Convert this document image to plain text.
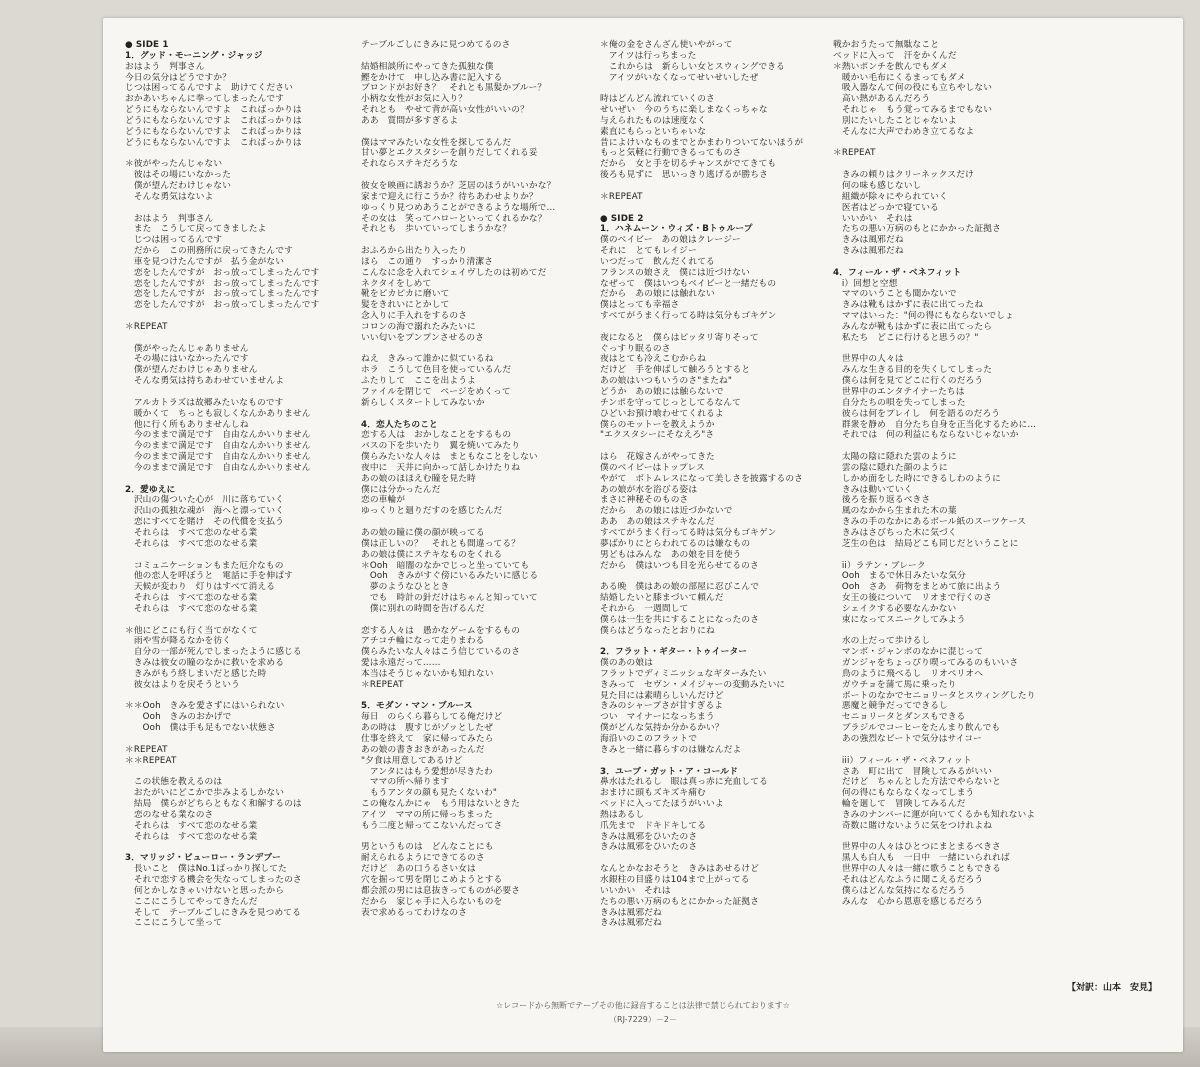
● SIDE 1
1．グッド・モーニング・ジャッジ
おはよう　判事さん
今日の気分はどうですか？
じつは困ってるんですよ　助けてください
おかあいちゃんに拳ってしまったんです
どうにもならないんですよ　こればっかりは
どうにもならないんですよ　こればっかりは
どうにもならないんですよ　こればっかりは
どうにもならないんですよ　こればっかりは
＊彼がやったんじゃない
　彼はその場にいなかった
　僕が望んだわけじゃない
　そんな勇気はないよ
　おはよう　判事さん
　また　こうして戻ってきましたよ
　じつは困ってるんです
　だから　この刑務所に戻ってきたんです
　車を見つけたんですが　払う金がない
　恋をしたんですが　おっ放ってしまったんです
　恋をしたんですが　おっ放ってしまったんです
　恋をしたんですが　おっ放ってしまったんです
　恋をしたんですが　おっ放ってしまったんです
＊REPEAT
　僕がやったんじゃありません
　その場にはいなかったんです
　僕が望んだわけじゃありません
　そんな勇気は持ちあわせていませんよ
　アルカトラズは故郷みたいなものです
　暖かくて　ちっとも寂しくなんかありません
　他に行く所もありませんしね
　今のままで満足です　自由なんかいりません
　今のままで満足です　自由なんかいりません
　今のままで満足です　自由なんかいりません
　今のままで満足です　自由なんかいりません
2．愛ゆえに
　沢山の傷ついた心が　川に落ちていく
　沢山の孤独な魂が　海へと漂っていく
　恋にすべてを賭け　その代償を支払う
　それらは　すべて恋のなせる業
　それらは　すべて恋のなせる業
　コミュニケーションもまた厄介なもの
　他の恋人を呼ぼうと　電話に手を伸ばす
　天候が変わり　灯りはすべて消える
　それらは　すべて恋のなせる業
　それらは　すべて恋のなせる業
＊他にどこにも行く当てがなくて
　雨や雪が降るなかを彷く
　自分の一部が死んでしまったように感じる
　きみは彼女の瞳のなかに救いを求める
　きみがもう終しまいだと感じた時
　彼女はよりを戻そうという
＊＊Ooh　きみを愛さずにはいられない
　　Ooh　きみのおかげで
　　Ooh　僕は手も足もでない状態さ
＊REPEAT
＊＊REPEAT
　この状態を教えるのは
　おたがいにどこかで歩みよるしかない
　結局　僕らがどちらともなく和解するのは
　恋のなせる業なのさ
　それらは　すべて恋のなせる業
　それらは　すべて恋のなせる業
3．マリッジ・ビューロー・ランデブー
　長いこと　僕はNo.1ばっかり探してた
　それで恋する機会を失なってしまったのさ
　何とかしなきゃいけないと思ったから
　ここにこうしてやってきたんだ
　そして　テーブルごしにきみを見つめてる
　ここにこうして坐って
テーブルごしにきみに見つめてるのさ
結婚相談所にやってきた孤独な僕
鰹をかけて　申し込み書に記入する
ブロンドがお好き？　それとも黒髪かブルー？
小柄な女性がお気に入り？
それとも　やせて背が高い女性がいいの？
ああ　質問が多すぎるよ
僕はママみたいな女性を探してるんだ
甘い夢とエクスタシーを創りだしてくれる妥
それならステキだろうな
彼女を映画に誘おうか？芝居のほうがいいかな？
家まで迎えに行こうか？待ちあわせよりか？
ゆっくり見つめあうことができるような場所で…
その女は　笑ってハローといってくれるかな？
それとも　歩いていってしまうかな？
おふろから出たり入ったり
ほら　この通り　すっかり清潔さ
こんなに念を入れてシェイヴしたのは初めてだ
ネクタイをしめて
靴をピカピカに磨いて
髪をきれいにとかして
念入りに手入れをするのさ
コロンの海で溺れたみたいに
いい匂いをプンプンさせるのさ
ねえ　きみって誰かに似ているね
ホラ　こうして色目を使っているんだ
ふたりして　ここを出ようよ
ファイルを閉じて　ページをめくって
新らしくスタートしてみないか
4．恋人たちのこと
恋する人は　おかしなことをするもの
バスの下を歩いたり　翼を焼いてみたり
僕らみたいな人々は　まともなことをしない
夜中に　天井に向かって話しかけたりね
あの娘のほほえむ瞳を見た時
僕には分かったんだ
恋の車輪が
ゆっくりと廻りだすのを感じたんだ
あの娘の瞳に僕の顔が映ってる
僕は正しいの？　それとも間違ってる？
あの娘は僕にステキなものをくれる
＊Ooh　暗闇のなかでじっと坐っていても
　Ooh　きみがすぐ傍にいるみたいに感じる
　夢のようなひととき
　でも　時計の針だけはちゃんと知っていて
　僕に別れの時間を告げるんだ
恋する人々は　愚かなゲームをするもの
アチコチ輪になって走りまわる
僕らみたいな人々はこう信じているのさ
愛は永遠だって……
本当はそうじゃないかも知れない
＊REPEAT
5．モダン・マン・ブルース
毎日　のらくら暮らしてる俺だけど
あの時は　腹すじがゾッとしたぜ
仕事を終えて　家に帰ってみたら
あの娘の書きおきがあったんだ
"夕食は用意してあるけど
　アンタにはもう愛想が尽きたわ
　ママの所へ帰ります
　もうアンタの顔も見たくないわ"
この俺なんかにゃ　もう用はないときた
アイツ　ママの所に帰っちまった
もう二度と帰ってこないんだってさ
男というものは　どんなことにも
耐えられるようにできてるのさ
だけど　あの口うるさい女は
穴を掘って男を閉じこめようとする
都会派の男には息抜きってものが必要さ
だから　家じゃ手に入らないものを
表で求めるってわけなのさ
＊俺の金をさんざん使いやがって
　アイツは行っちまった
　これからは　新らしい女とスウィングできる
　アイツがいなくなってせいせいしたぜ
時はどんどん流れていくのさ
せいぜい　今のうちに楽しまなくっちゃな
与えられたものは速度なく
素直にもらっといちゃいな
昔によけいなものまでとかまわりついてないほうが
もっと気軽に行動できるってものさ
だから　女と手を切るチャンスがでてきても
後ろも見ずに　思いっきり逃げるが勝ちさ
＊REPEAT
● SIDE 2
1．ハネムーン・ウィズ・Bトゥループ
僕のベイビー　あの娘はクレージー
それに　とてもレイジー
いつだって　飲んだくれてる
フランスの娘さえ　僕には近づけない
なぜって　僕はいつもベイビーと一緒だもの
だから　あの娘には触れない
僕はとっても幸福さ
すべてがうまく行ってる時は気分もゴキゲン
夜になると　僕らはピッタリ寄りそって
ぐっすり眠るのさ
夜はとても冷えこむからね
だけど　手を伸ばして触ろうとすると
あの娘はいつもいうのさ"またね"
どうか　あの娘には触らないで
チンポを守ってじっとしてるなんて
ひどいお預け喰わせてくれるよ
僕らのモットーを教えようか
"エクスタシーにそなえろ"さ
はら　花嫁さんがやってきた
僕のベイビーはトップレス
やがて　ボトムレスになって美しさを披露するのさ
あの娘が水を浴びる姿は
まさに神秘そのものさ
だから　あの娘には近づかないで
ああ　あの娘はステキなんだ
すべてがうまく行ってる時は気分もゴキゲン
夢ばかりにとらわれてるのは嫌なもの
男どもはみんな　あの娘を目を使う
だから　僕はいつも目を光らせてるのさ
ある晩　僕はあの娘の部屋に忍びこんで
結婚したいと膝まづいて頼んだ
それから　一週間して
僕らは一生を共にすることになったのさ
僕らはどうなったとおりにね
2．フラット・ギター・トゥイーター
僕のあの娘は
フラットでディミニッシュなギターみたい
きみって　セヴン・メイジャーの変動みたいに
見た目には素晴らしいんだけど
きみのシャープさが甘すぎるよ
つい　マイナーになっちまう
僕がどんな気持か分かるかい？
海沿いのこのフラットで
きみと一緒に暮らすのは嫌なんだよ
3．ユーブ・ガット・ア・コールド
鼻水はたれるし　眼は真っ赤に充血してる
おまけに頭もズキズキ痛む
ベッドに入ってたほうがいいよ
熱はあるし
爪先まで　ドキドキしてる
きみは風邪をひいたのさ
きみは風邪をひいたのさ
なんとかなおそうと　きみはあせるけど
水銀柱の目盛りは104まで上がってる
いいかい　それは
たちの悪い万病のもとにかかった証拠さ
きみは風邪だね
きみは風邪だね
戦かおうたって無駄なこと
ベッドに入って　汗をかくんだ
＊熱いポンチを飲んでもダメ
　暖かい毛布にくるまってもダメ
　吸入器なんて何の役にも立ちやしない
　高い熱があるんだろう
　それじゃ　もう覚ってみるまでもない
　別にたいしたことじゃないよ
　そんなに大声でわめき立てるなよ
＊REPEAT
　きみの頼りはクリーネックスだけ
　何の味も感じないし
　組織が除々にやられていく
　医者はどっかで寝ている
　いいかい　それは
　たちの悪い万病のもとにかかった証拠さ
　きみは風邪だね
　きみは風邪だね
4．フィール・ザ・ベネフィット
　i）回想と空想
　ママのいうことも聞かないで
　きみは靴もはかずに表に出てったね
　ママはいった："何の得にもならないでしょ
　みんなが靴もはかずに表に出てったら
　私たち　どこに行けると思うの？"
　世界中の人々は
　みんな生きる目的を失くしてしまった
　僕らは何を見てどこに行くのだろう
　世界中のエンタテイナーたちは
　自分たちの唄を失ってしまった
　彼らは何をプレイし　何を語るのだろう
　群衆を静め　自分たち自身を正当化するために…
　それでは　何の利益にもならないじゃないか
　太陽の陰に隠れた雲のように
　雲の陰に隠れた顔のように
　しかめ面をした時にできるしわのように
　きみは動いていく
　後ろを振り返るべきさ
　風のなかから生まれた木の葉
　きみの手のなかにあるボール紙のスーツケース
　きみはさびちった木に気づく
　芝生の色は　結局どこも同じだということに
　ii）ラテン・ブレーク
　Ooh　まるで休日みたいな気分
　Ooh　さあ　荷物をまとめて旅に出よう
　女王の後について　リオまで行くのさ
　シェイクする必要なんかない
　束になってスニークしてみよう
　水の上だって歩けるし
　マンボ・ジャンボのなかに混じって
　ガンジャをちょっぴり喫ってみるのもいいさ
　鳥のように飛べるし　リオペリオへ
　ガウチョを蒲て馬に乗ったり
　ボートのなかでセニョリータとスウィングしたり
　悪魔と競争だってできるし
　セニョリータとダンスもできる
　ブラジルでコーヒーをたんまり飲んでも
　あの強烈なビートで気分はサイコー
　iii）フィール・ザ・ベネフィット
　さあ　町に出て　冒険してみるがいい
　だけど　ちゃんとした方法でやらないと
　何の得にもならなくなってしまう
　輪を廻して　冒険してみるんだ
　きみのナンバーに運が向いてくるかも知れないよ
　奇数に賭けないように気をつけれよね
　世界中の人々はひとつにまとまるべきさ
　黒人も白人も　一日中　一緒にいられれば
　世界中の人々は一緒に歌うこともできる
　それはどんなふうに聞こえるだろう
　僕らはどんな気持になるだろう
　みんな　心から恩恵を感じるだろう
【対訳：山本　安見】
☆レコードから無断でテープその他に録音することは法律で禁じられております☆
（RJ-7229）－2－
